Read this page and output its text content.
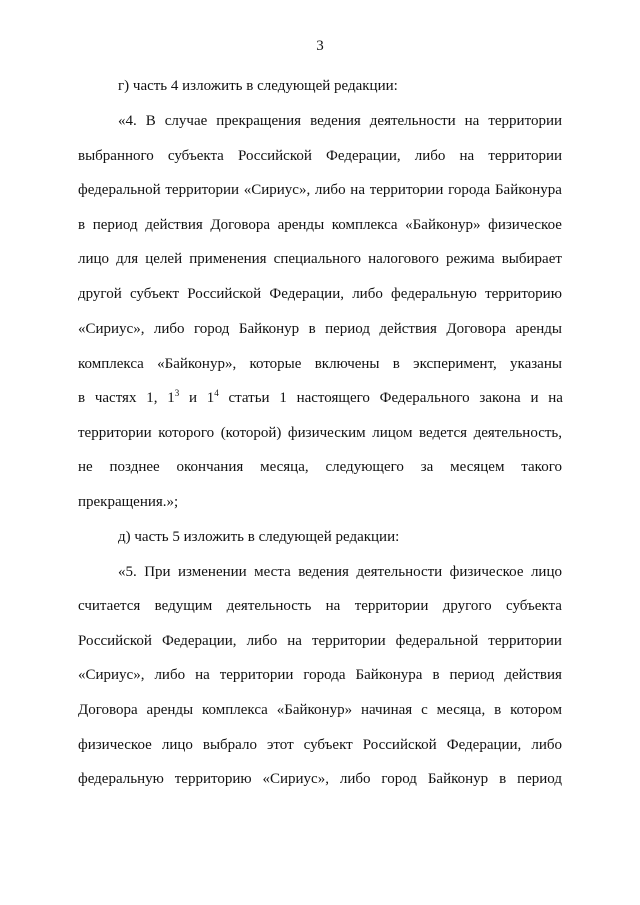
3
г) часть 4 изложить в следующей редакции:
«4. В случае прекращения ведения деятельности на территории
выбранного субъекта Российской Федерации, либо на территории
федеральной территории «Сириус», либо на территории города Байконура
в период действия Договора аренды комплекса «Байконур» физическое
лицо для целей применения специального налогового режима выбирает
другой субъект Российской Федерации, либо федеральную территорию
«Сириус», либо город Байконур в период действия Договора аренды
комплекса «Байконур», которые включены в эксперимент, указаны
в частях 1, $1^3$ и $1^4$ статьи 1 настоящего Федерального закона и на
территории которого (которой) физическим лицом ведется деятельность,
не позднее окончания месяца, следующего за месяцем такого
прекращения.»;
д) часть 5 изложить в следующей редакции:
«5. При изменении места ведения деятельности физическое лицо
считается ведущим деятельность на территории другого субъекта
Российской Федерации, либо на территории федеральной территории
«Сириус», либо на территории города Байконура в период действия
Договора аренды комплекса «Байконур» начиная с месяца, в котором
физическое лицо выбрало этот субъект Российской Федерации, либо
федеральную территорию «Сириус», либо город Байконур в период
